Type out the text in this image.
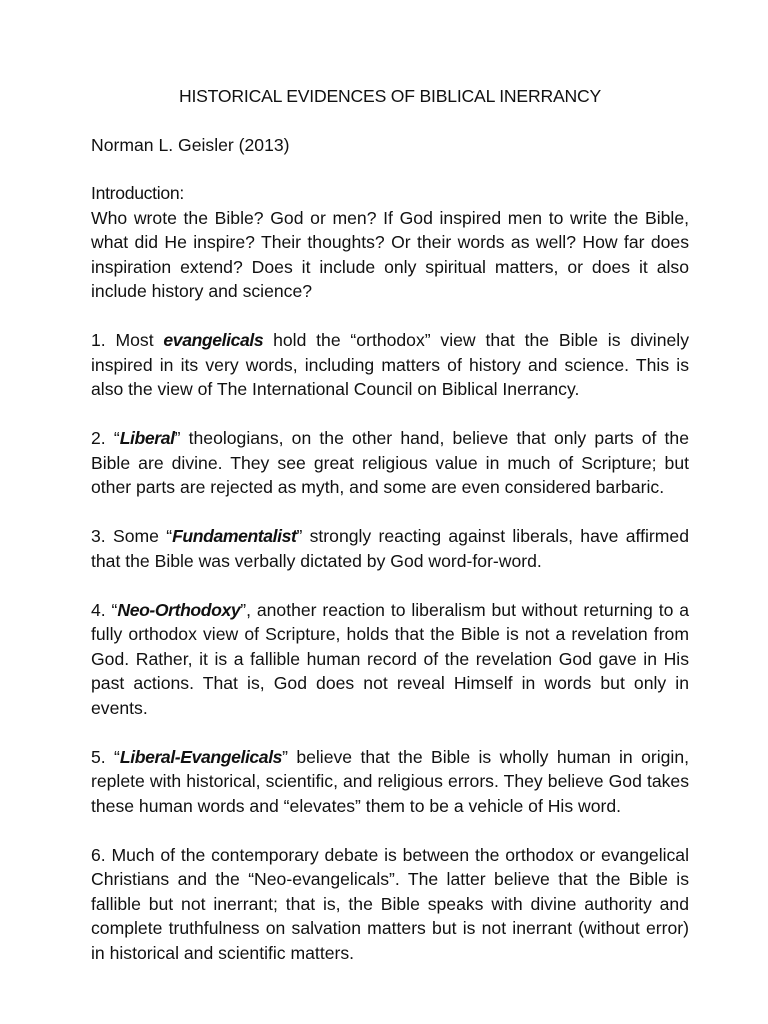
HISTORICAL EVIDENCES OF BIBLICAL INERRANCY

Norman L. Geisler (2013)

Introduction:

Who wrote the Bible? God or men? If God inspired men to write the Bible, what did He inspire? Their thoughts? Or their words as well? How far does inspiration extend? Does it include only spiritual matters, or does it also include history and science?

1. Most evangelicals hold the “orthodox” view that the Bible is divinely inspired in its very words, including matters of history and science. This is also the view of The International Council on Biblical Inerrancy.

2. “Liberal” theologians, on the other hand, believe that only parts of the Bible are divine. They see great religious value in much of Scripture; but other parts are rejected as myth, and some are even considered barbaric.

3. Some “Fundamentalist” strongly reacting against liberals, have affirmed that the Bible was verbally dictated by God word-for-word.

4. “Neo-Orthodoxy”, another reaction to liberalism but without returning to a fully orthodox view of Scripture, holds that the Bible is not a revelation from God. Rather, it is a fallible human record of the revelation God gave in His past actions. That is, God does not reveal Himself in words but only in events.

5. “Liberal-Evangelicals” believe that the Bible is wholly human in origin, replete with historical, scientific, and religious errors. They believe God takes these human words and “elevates” them to be a vehicle of His word.

6. Much of the contemporary debate is between the orthodox or evangelical Christians and the “Neo-evangelicals”. The latter believe that the Bible is fallible but not inerrant; that is, the Bible speaks with divine authority and complete truthfulness on salvation matters but is not inerrant (without error) in historical and scientific matters.
